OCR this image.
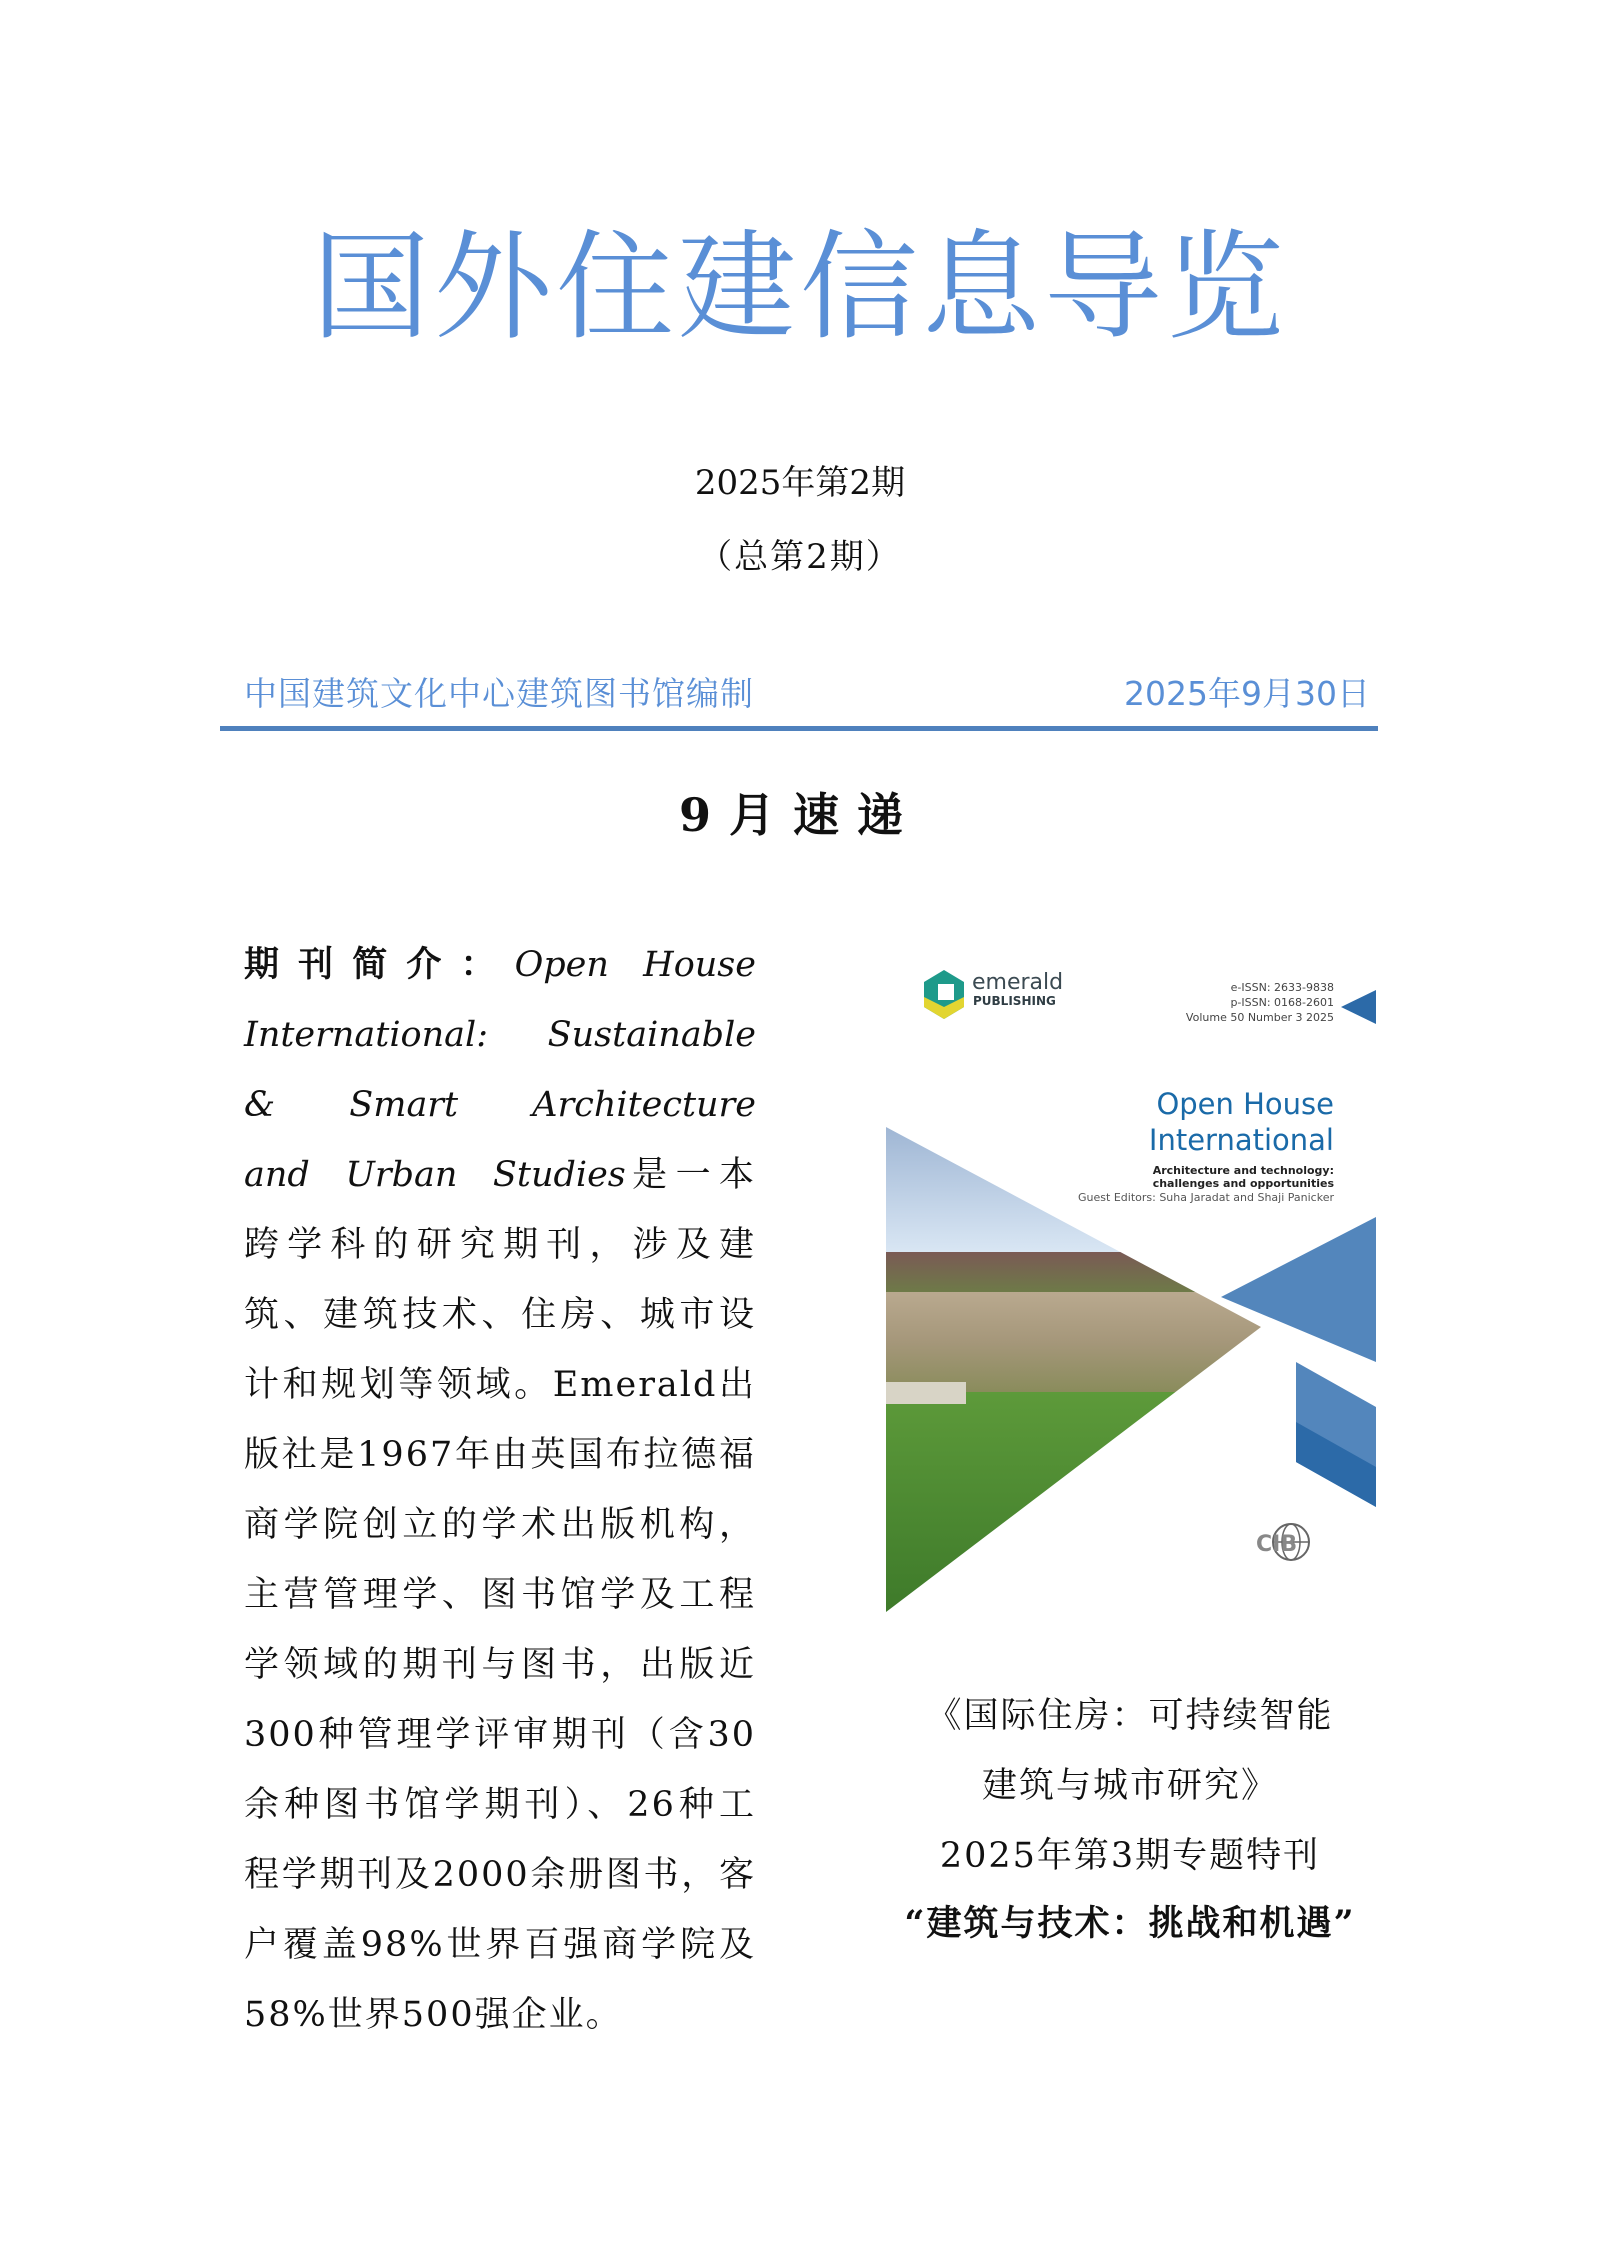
国外住建信息导览
2025年第2期
（总第2期）
中国建筑文化中心建筑图书馆编制	2025年9月30日
9月速递
期刊简介：Open House International: Sustainable & Smart Architecture and Urban Studies是一本跨学科的研究期刊，涉及建筑、建筑技术、住房、城市设计和规划等领域。Emerald出版社是1967年由英国布拉德福商学院创立的学术出版机构，主营管理学、图书馆学及工程学领域的期刊与图书，出版近300种管理学评审期刊（含30余种图书馆学期刊）、26种工程学期刊及2000余册图书，客户覆盖98%世界百强商学院及58%世界500强企业。
emerald
PUBLISHING
e-ISSN: 2633-9838
p-ISSN: 0168-2601
Volume 50 Number 3 2025
Open House
International
Architecture and technology:
challenges and opportunities
Guest Editors: Suha Jaradat and Shaji Panicker
CIB
《国际住房：可持续智能
建筑与城市研究》
2025年第3期专题特刊
“建筑与技术：挑战和机遇”
